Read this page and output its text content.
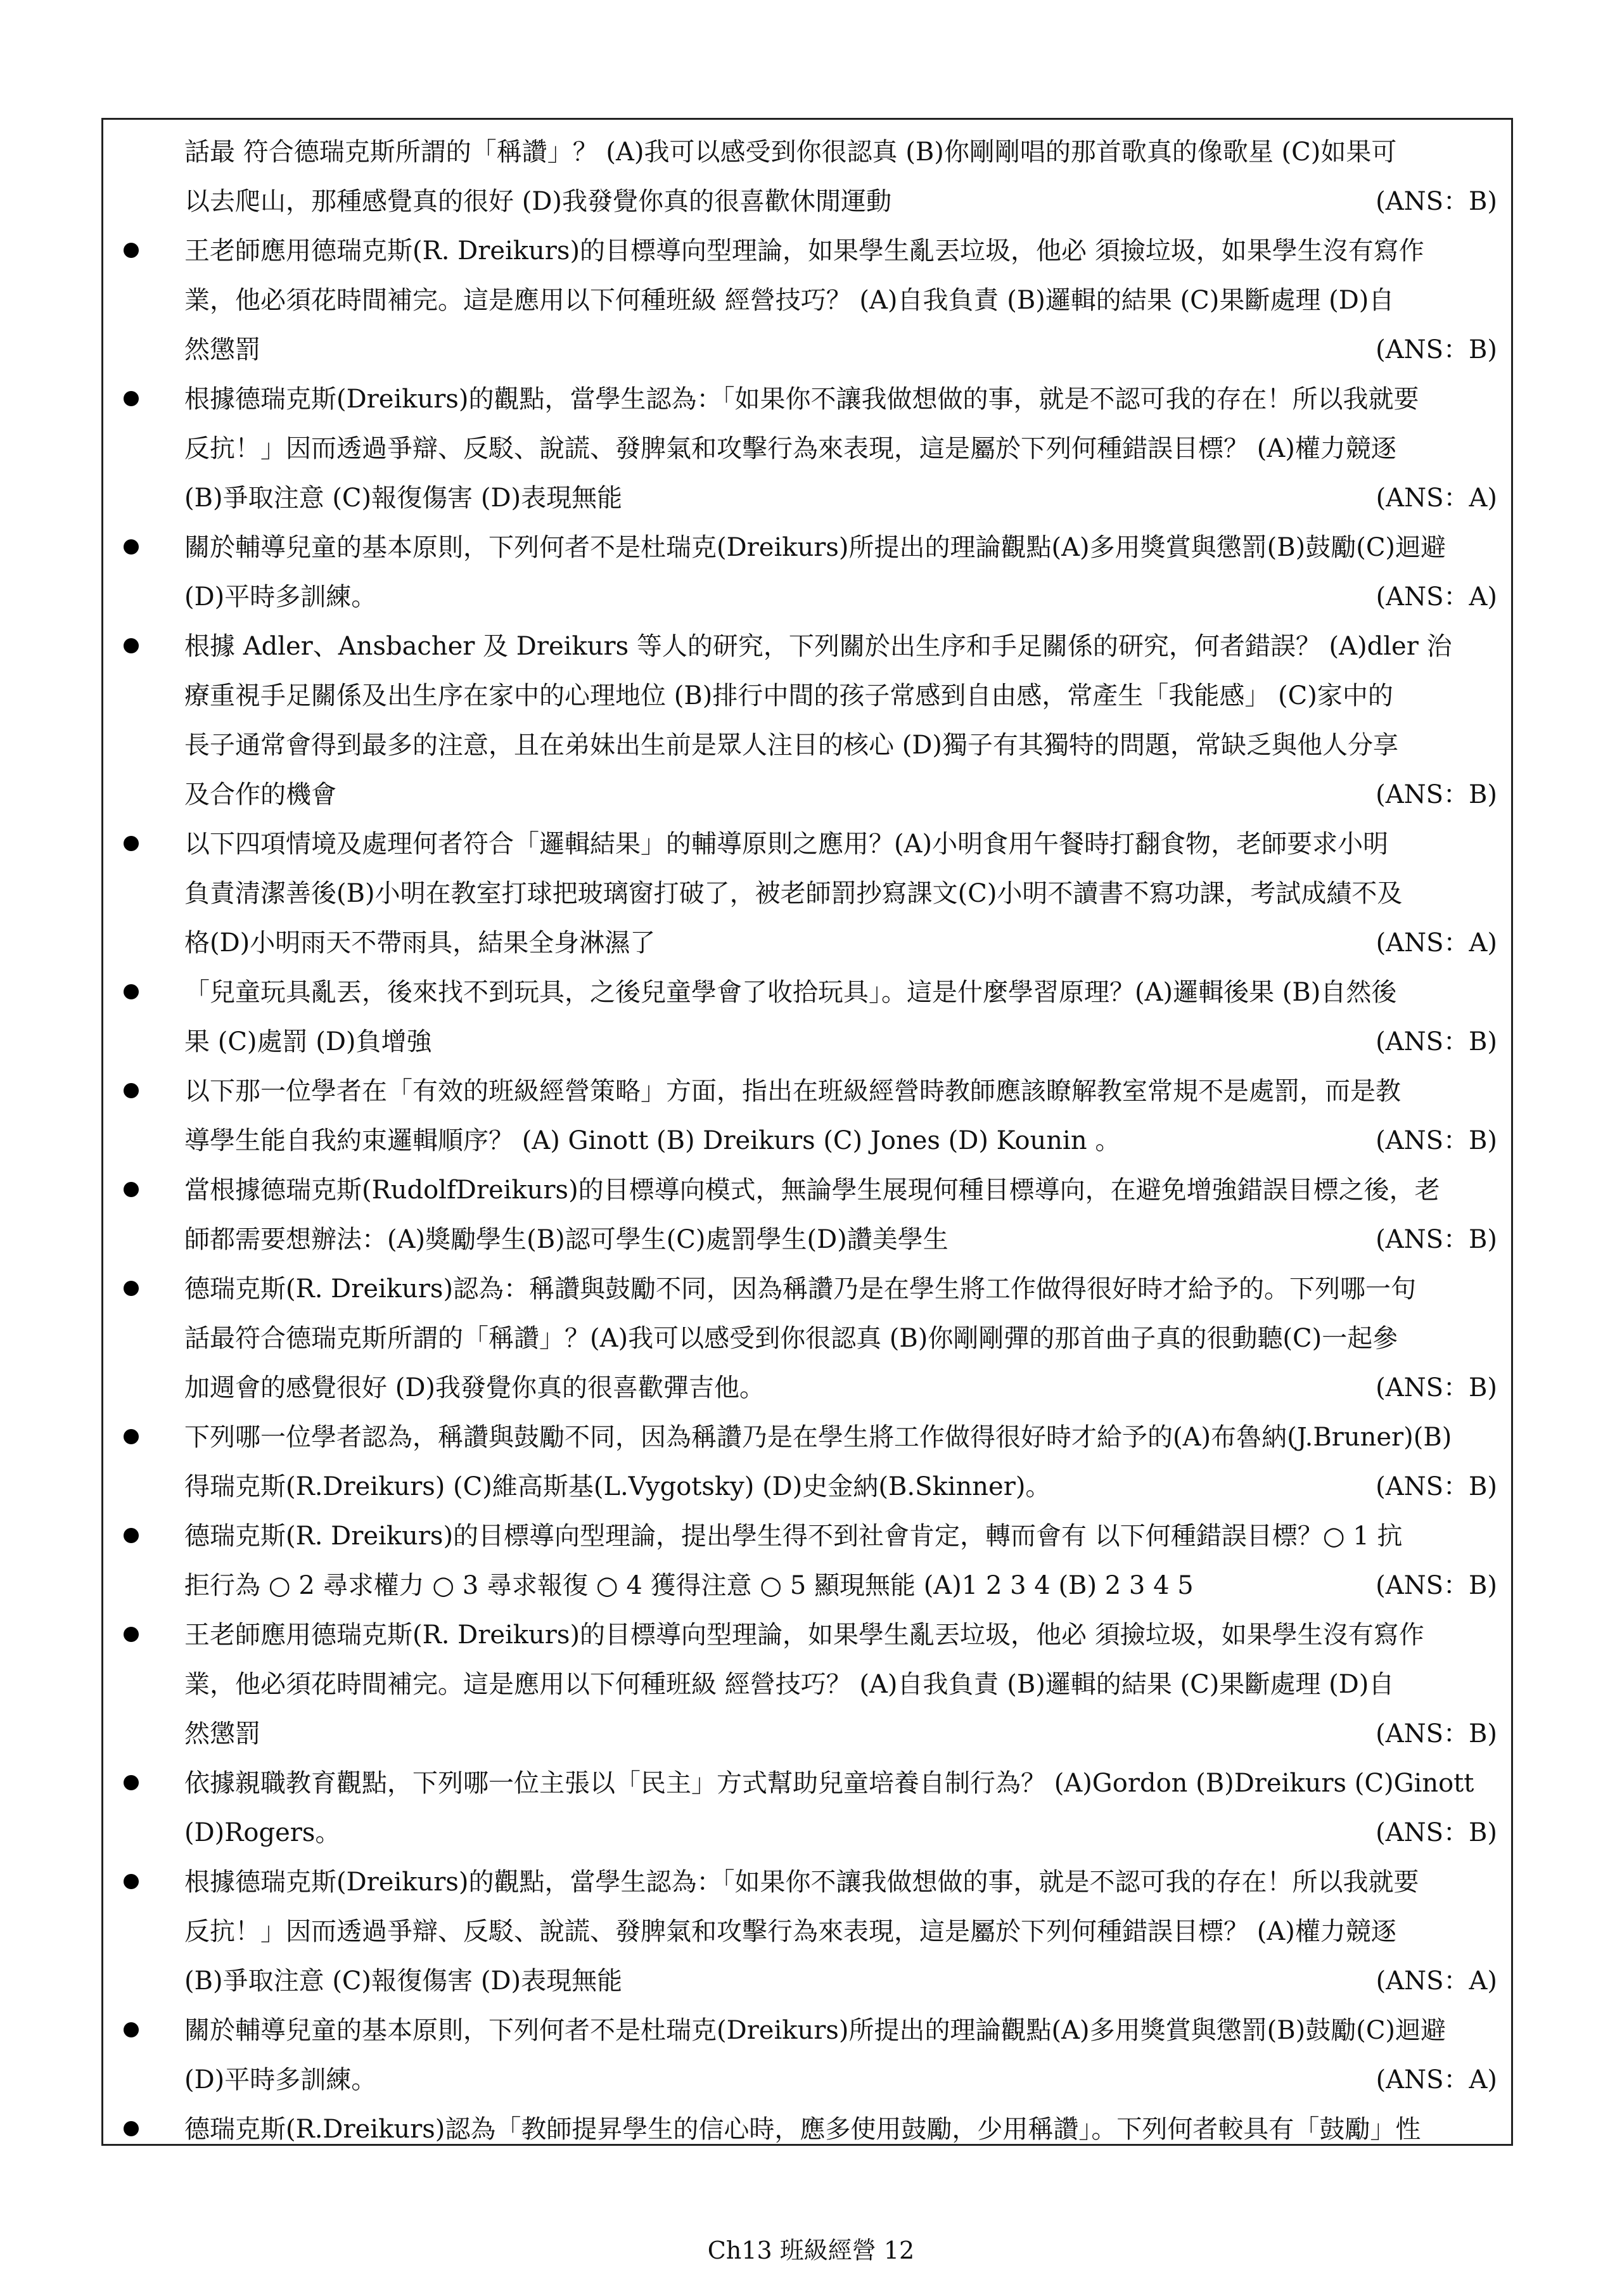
話最 符合德瑞克斯所謂的「稱讚」？ (A)我可以感受到你很認真 (B)你剛剛唱的那首歌真的像歌星 (C)如果可
以去爬山，那種感覺真的很好 (D)我發覺你真的很喜歡休閒運動	(ANS：B)
王老師應用德瑞克斯(R. Dreikurs)的目標導向型理論，如果學生亂丟垃圾，他必 須撿垃圾，如果學生沒有寫作
業，他必須花時間補完。這是應用以下何種班級 經營技巧？ (A)自我負責 (B)邏輯的結果 (C)果斷處理 (D)自
然懲罰	(ANS：B)
根據德瑞克斯(Dreikurs)的觀點，當學生認為：「如果你不讓我做想做的事，就是不認可我的存在！所以我就要
反抗！」因而透過爭辯、反駁、說謊、發脾氣和攻擊行為來表現，這是屬於下列何種錯誤目標？ (A)權力競逐
(B)爭取注意 (C)報復傷害 (D)表現無能	(ANS：A)
關於輔導兒童的基本原則，下列何者不是杜瑞克(Dreikurs)所提出的理論觀點(A)多用獎賞與懲罰(B)鼓勵(C)迴避
(D)平時多訓練。	(ANS：A)
根據 Adler、Ansbacher 及 Dreikurs 等人的研究，下列關於出生序和手足關係的研究，何者錯誤？ (A)dler 治
療重視手足關係及出生序在家中的心理地位 (B)排行中間的孩子常感到自由感，常產生「我能感」 (C)家中的
長子通常會得到最多的注意，且在弟妹出生前是眾人注目的核心 (D)獨子有其獨特的問題，常缺乏與他人分享
及合作的機會	(ANS：B)
以下四項情境及處理何者符合「邏輯結果」的輔導原則之應用？(A)小明食用午餐時打翻食物，老師要求小明
負責清潔善後(B)小明在教室打球把玻璃窗打破了，被老師罰抄寫課文(C)小明不讀書不寫功課，考試成績不及
格(D)小明雨天不帶雨具，結果全身淋濕了	(ANS：A)
「兒童玩具亂丟，後來找不到玩具，之後兒童學會了收拾玩具」。這是什麼學習原理？(A)邏輯後果 (B)自然後
果 (C)處罰 (D)負增強	(ANS：B)
以下那一位學者在「有效的班級經營策略」方面，指出在班級經營時教師應該瞭解教室常規不是處罰，而是教
導學生能自我約束邏輯順序？ (A) Ginott (B) Dreikurs (C) Jones (D) Kounin 。	(ANS：B)
當根據德瑞克斯(RudolfDreikurs)的目標導向模式，無論學生展現何種目標導向，在避免增強錯誤目標之後，老
師都需要想辦法：(A)獎勵學生(B)認可學生(C)處罰學生(D)讚美學生	(ANS：B)
德瑞克斯(R. Dreikurs)認為：稱讚與鼓勵不同，因為稱讚乃是在學生將工作做得很好時才給予的。下列哪一句
話最符合德瑞克斯所謂的「稱讚」？(A)我可以感受到你很認真 (B)你剛剛彈的那首曲子真的很動聽(C)一起參
加週會的感覺很好 (D)我發覺你真的很喜歡彈吉他。	(ANS：B)
下列哪一位學者認為，稱讚與鼓勵不同，因為稱讚乃是在學生將工作做得很好時才給予的(A)布魯納(J.Bruner)(B)
得瑞克斯(R.Dreikurs) (C)維高斯基(L.Vygotsky) (D)史金納(B.Skinner)。	(ANS：B)
德瑞克斯(R. Dreikurs)的目標導向型理論，提出學生得不到社會肯定，轉而會有 以下何種錯誤目標？○ 1 抗
拒行為 ○ 2 尋求權力 ○ 3 尋求報復 ○ 4 獲得注意 ○ 5 顯現無能 (A)1 2 3 4 (B) 2 3 4 5	(ANS：B)
王老師應用德瑞克斯(R. Dreikurs)的目標導向型理論，如果學生亂丟垃圾，他必 須撿垃圾，如果學生沒有寫作
業，他必須花時間補完。這是應用以下何種班級 經營技巧？ (A)自我負責 (B)邏輯的結果 (C)果斷處理 (D)自
然懲罰	(ANS：B)
依據親職教育觀點，下列哪一位主張以「民主」方式幫助兒童培養自制行為？ (A)Gordon (B)Dreikurs (C)Ginott
(D)Rogers。	(ANS：B)
根據德瑞克斯(Dreikurs)的觀點，當學生認為：「如果你不讓我做想做的事，就是不認可我的存在！所以我就要
反抗！」因而透過爭辯、反駁、說謊、發脾氣和攻擊行為來表現，這是屬於下列何種錯誤目標？ (A)權力競逐
(B)爭取注意 (C)報復傷害 (D)表現無能	(ANS：A)
關於輔導兒童的基本原則，下列何者不是杜瑞克(Dreikurs)所提出的理論觀點(A)多用獎賞與懲罰(B)鼓勵(C)迴避
(D)平時多訓練。	(ANS：A)
德瑞克斯(R.Dreikurs)認為「教師提昇學生的信心時，應多使用鼓勵，少用稱讚」。下列何者較具有「鼓勵」性
Ch13 班級經營 12
